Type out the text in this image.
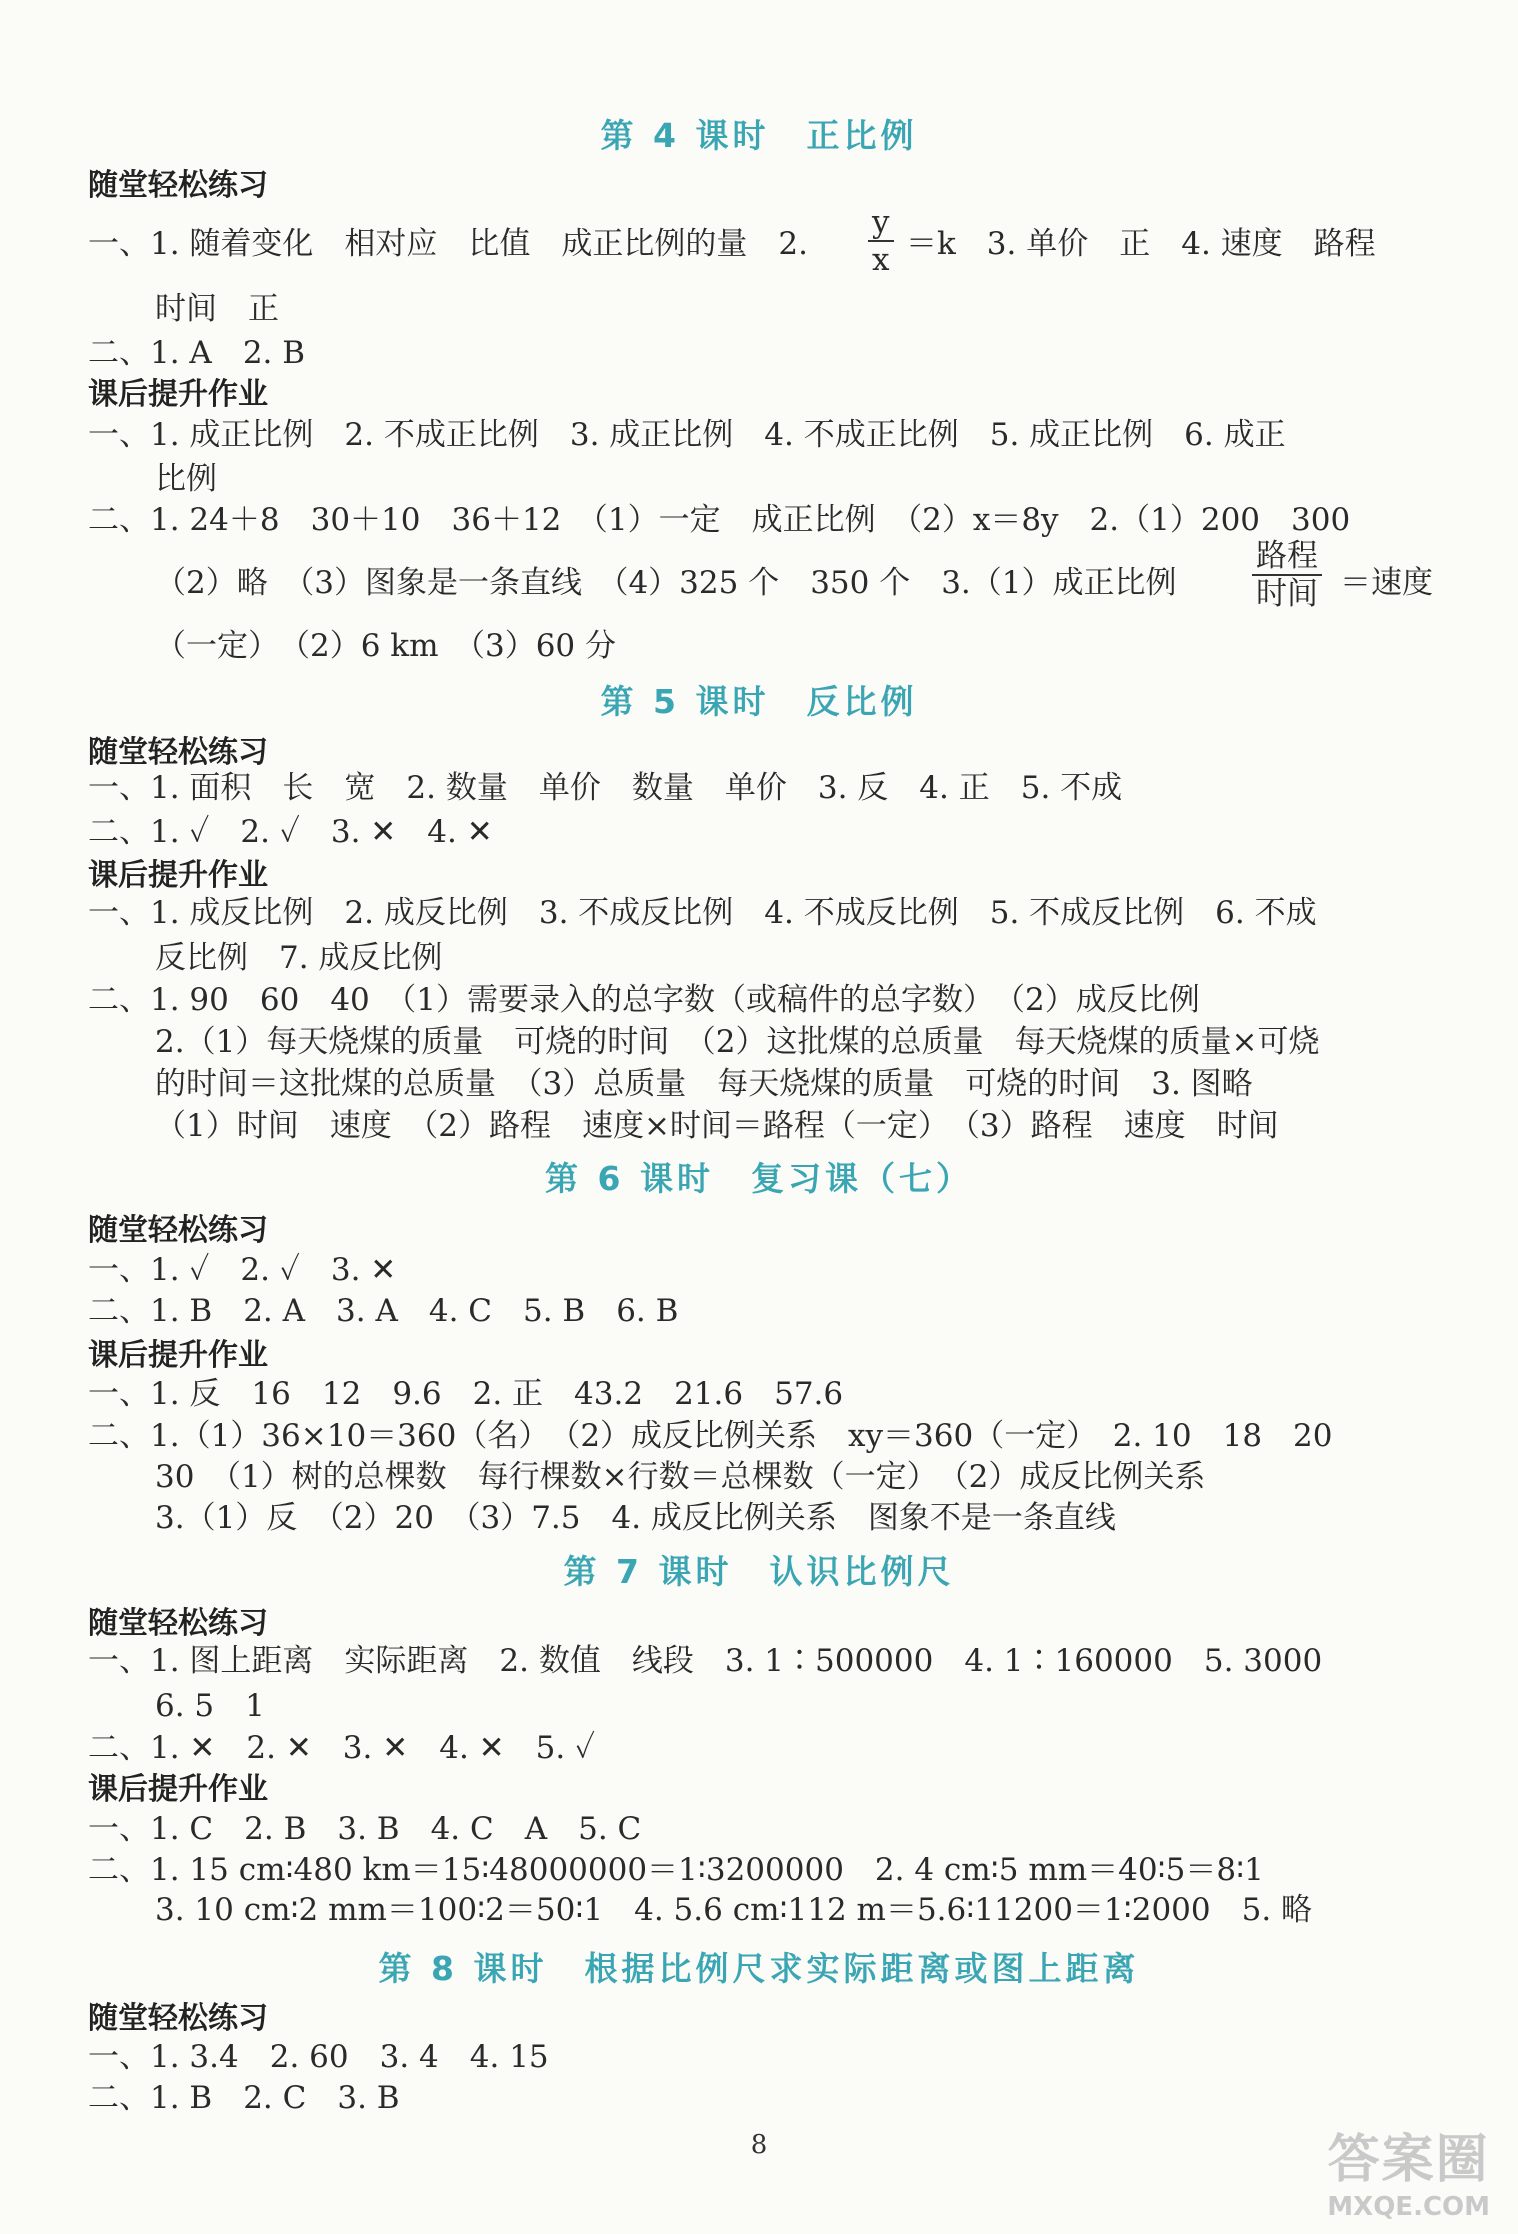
第 4 课时　正比例
随堂轻松练习
一、1. 随着变化　相对应　比值　成正比例的量　2. $\frac{y}{x} =k$　3. 单价　正　4. 速度　路程
时间　正
二、1. A　2. B
课后提升作业
一、1. 成正比例　2. 不成正比例　3. 成正比例　4. 不成正比例　5. 成正比例　6. 成正
比例
二、1. 24＋8　30＋10　36＋12　（1）一定　成正比例　（2）x＝8y　2.（1）200　300
（2）略　（3）图象是一条直线　（4）325 个　350 个　3.（1）成正比例
路程
时间 ＝速度
（一定）　（2）6 km　（3）60 分
第 5 课时　反比例
随堂轻松练习
一、1. 面积　长　宽　2. 数量　单价　数量　单价　3. 反　4. 正　5. 不成
二、1. ✓　2. ✓　3. ✕　4. ✕
课后提升作业
一、1. 成反比例　2. 成反比例　3. 不成反比例　4. 不成反比例　5. 不成反比例　6. 不成
反比例　7. 成反比例
二、1. 90　60　40　（1）需要录入的总字数（或稿件的总字数）　（2）成反比例
2.（1）每天烧煤的质量　可烧的时间　（2）这批煤的总质量　每天烧煤的质量×可烧
的时间＝这批煤的总质量　（3）总质量　每天烧煤的质量　可烧的时间　3. 图略
（1）时间　速度　（2）路程　速度×时间＝路程（一定）　（3）路程　速度　时间
第 6 课时　复习课（七）
随堂轻松练习
一、1. ✓　2. ✓　3. ✕
二、1. B　2. A　3. A　4. C　5. B　6. B
课后提升作业
一、1. 反　16　12　9.6　2. 正　43.2　21.6　57.6
二、1.（1）36×10＝360（名）　（2）成反比例关系　xy＝360（一定）　2. 10　18　20
30　（1）树的总棵数　每行棵数×行数＝总棵数（一定）　（2）成反比例关系
3.（1）反　（2）20　（3）7.5　4. 成反比例关系　图象不是一条直线
第 7 课时　认识比例尺
随堂轻松练习
一、1. 图上距离　实际距离　2. 数值　线段　3. 1∶500000　4. 1∶160000　5. 3000
6. 5　1
二、1. ✕　2. ✕　3. ✕　4. ✕　5. ✓
课后提升作业
一、1. C　2. B　3. B　4. C　A　5. C
二、1. 15 cm∶480 km＝15∶48000000＝1∶3200000　2. 4 cm∶5 mm＝40∶5＝8∶1
3. 10 cm∶2 mm＝100∶2＝50∶1　4. 5.6 cm∶112 m＝5.6∶11200＝1∶2000　5. 略
第 8 课时　根据比例尺求实际距离或图上距离
随堂轻松练习
一、1. 3.4　2. 60　3. 4　4. 15
二、1. B　2. C　3. B
8	答案圈
MXQE.COM
